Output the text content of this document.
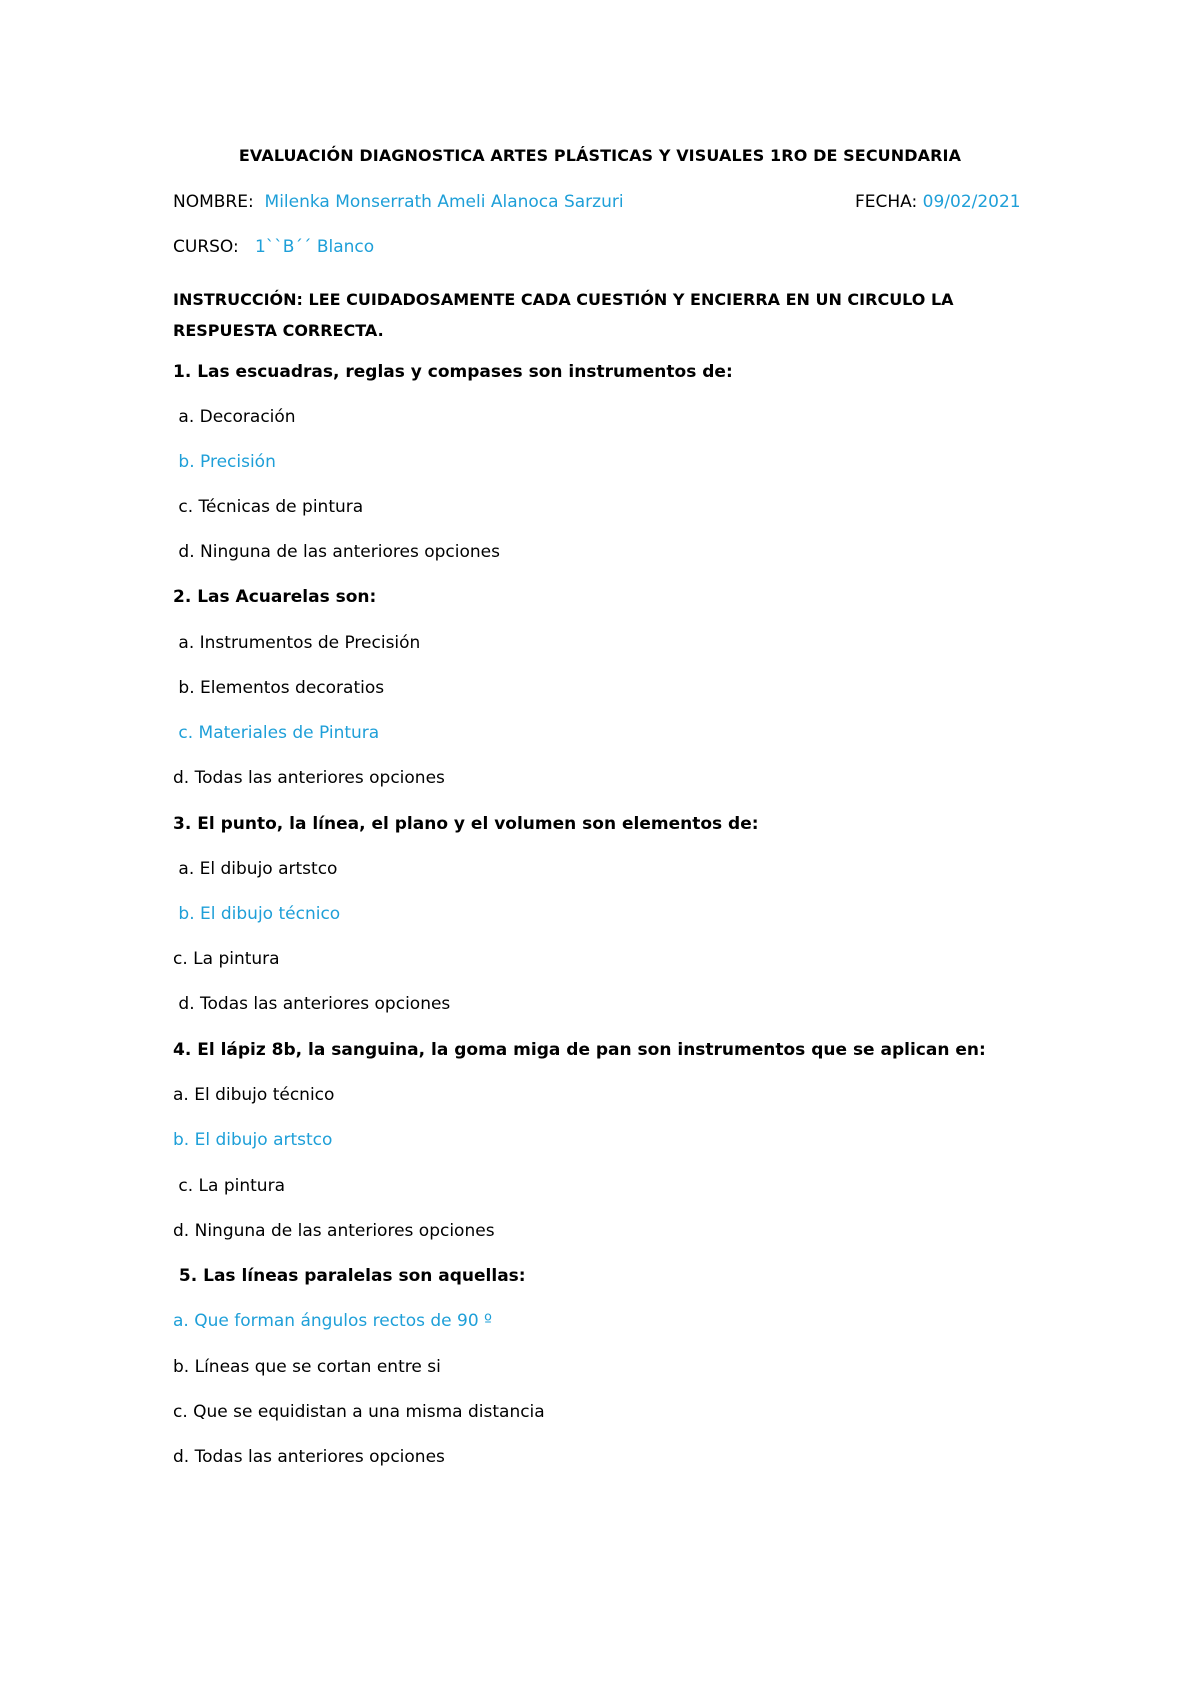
EVALUACIÓN DIAGNOSTICA ARTES PLÁSTICAS Y VISUALES 1RO DE SECUNDARIA
NOMBRE: Milenka Monserrath Ameli Alanoca Sarzuri	FECHA: 09/02/2021
CURSO: 1``B´´ Blanco
INSTRUCCIÓN: LEE CUIDADOSAMENTE CADA CUESTIÓN Y ENCIERRA EN UN CIRCULO LA RESPUESTA CORRECTA.
1. Las escuadras, reglas y compases son instrumentos de:
a. Decoración
b. Precisión
c. Técnicas de pintura
d. Ninguna de las anteriores opciones
2. Las Acuarelas son:
a. Instrumentos de Precisión
b. Elementos decoratios
c. Materiales de Pintura
d. Todas las anteriores opciones
3. El punto, la línea, el plano y el volumen son elementos de:
a. El dibujo artstco
b. El dibujo técnico
c. La pintura
d. Todas las anteriores opciones
4. El lápiz 8b, la sanguina, la goma miga de pan son instrumentos que se aplican en:
a. El dibujo técnico
b. El dibujo artstco
c. La pintura
d. Ninguna de las anteriores opciones
5. Las líneas paralelas son aquellas:
a. Que forman ángulos rectos de 90 º
b. Líneas que se cortan entre si
c. Que se equidistan a una misma distancia
d. Todas las anteriores opciones
